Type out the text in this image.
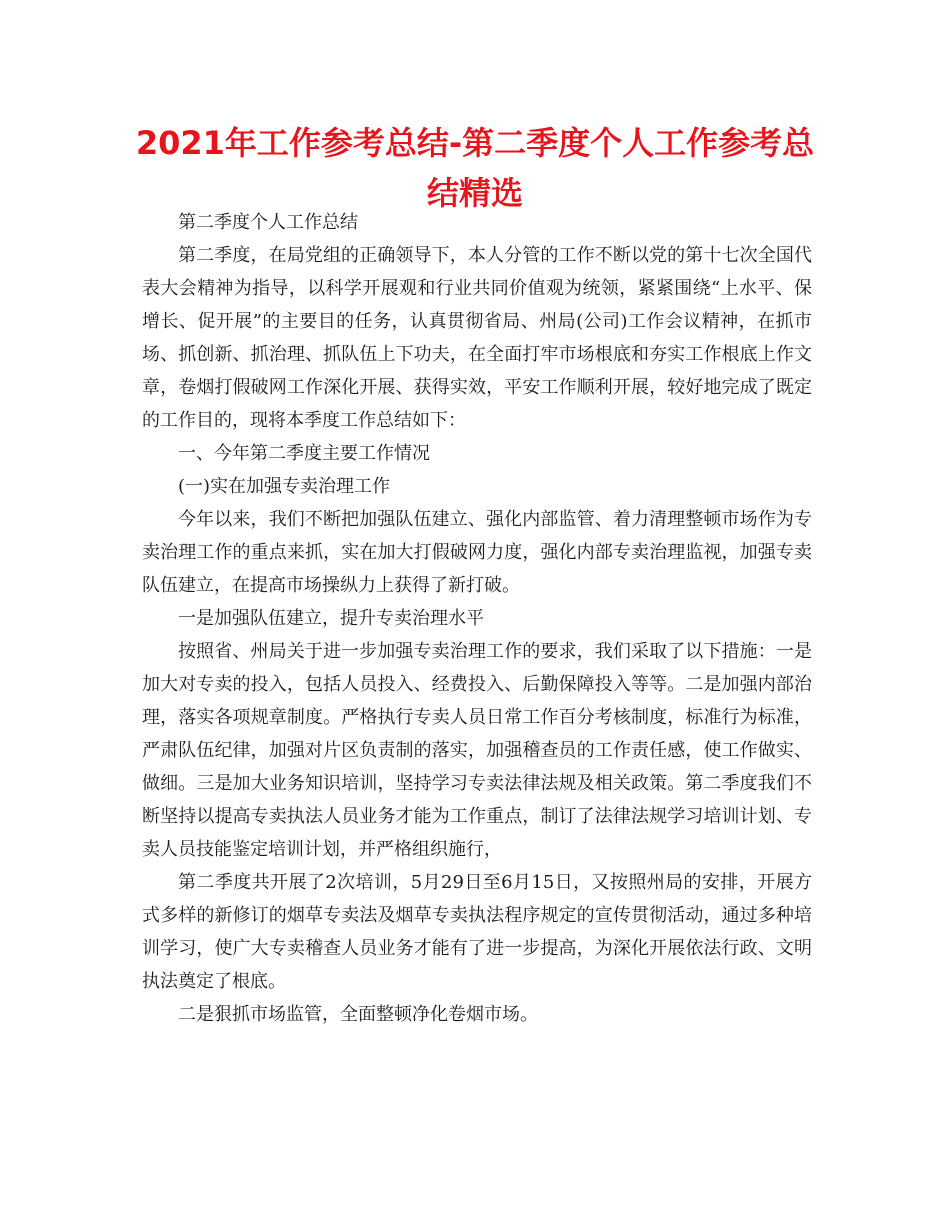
2021年工作参考总结-第二季度个人工作参考总结精选

第二季度个人工作总结

第二季度，在局党组的正确领导下，本人分管的工作不断以党的第十七次全国代表大会精神为指导，以科学开展观和行业共同价值观为统领，紧紧围绕“上水平、保增长、促开展”的主要目的任务，认真贯彻省局、州局(公司)工作会议精神，在抓市场、抓创新、抓治理、抓队伍上下功夫，在全面打牢市场根底和夯实工作根底上作文章，卷烟打假破网工作深化开展、获得实效，平安工作顺利开展，较好地完成了既定的工作目的，现将本季度工作总结如下：

一、今年第二季度主要工作情况

(一)实在加强专卖治理工作

今年以来，我们不断把加强队伍建立、强化内部监管、着力清理整顿市场作为专卖治理工作的重点来抓，实在加大打假破网力度，强化内部专卖治理监视，加强专卖队伍建立，在提高市场操纵力上获得了新打破。

一是加强队伍建立，提升专卖治理水平

按照省、州局关于进一步加强专卖治理工作的要求，我们采取了以下措施：一是加大对专卖的投入，包括人员投入、经费投入、后勤保障投入等等。二是加强内部治理，落实各项规章制度。严格执行专卖人员日常工作百分考核制度，标准行为标准，严肃队伍纪律，加强对片区负责制的落实，加强稽查员的工作责任感，使工作做实、做细。三是加大业务知识培训，坚持学习专卖法律法规及相关政策。第二季度我们不断坚持以提高专卖执法人员业务才能为工作重点，制订了法律法规学习培训计划、专卖人员技能鉴定培训计划，并严格组织施行，

第二季度共开展了2次培训，5月29日至6月15日，又按照州局的安排，开展方式多样的新修订的烟草专卖法及烟草专卖执法程序规定的宣传贯彻活动，通过多种培训学习，使广大专卖稽查人员业务才能有了进一步提高，为深化开展依法行政、文明执法奠定了根底。

二是狠抓市场监管，全面整顿净化卷烟市场。
